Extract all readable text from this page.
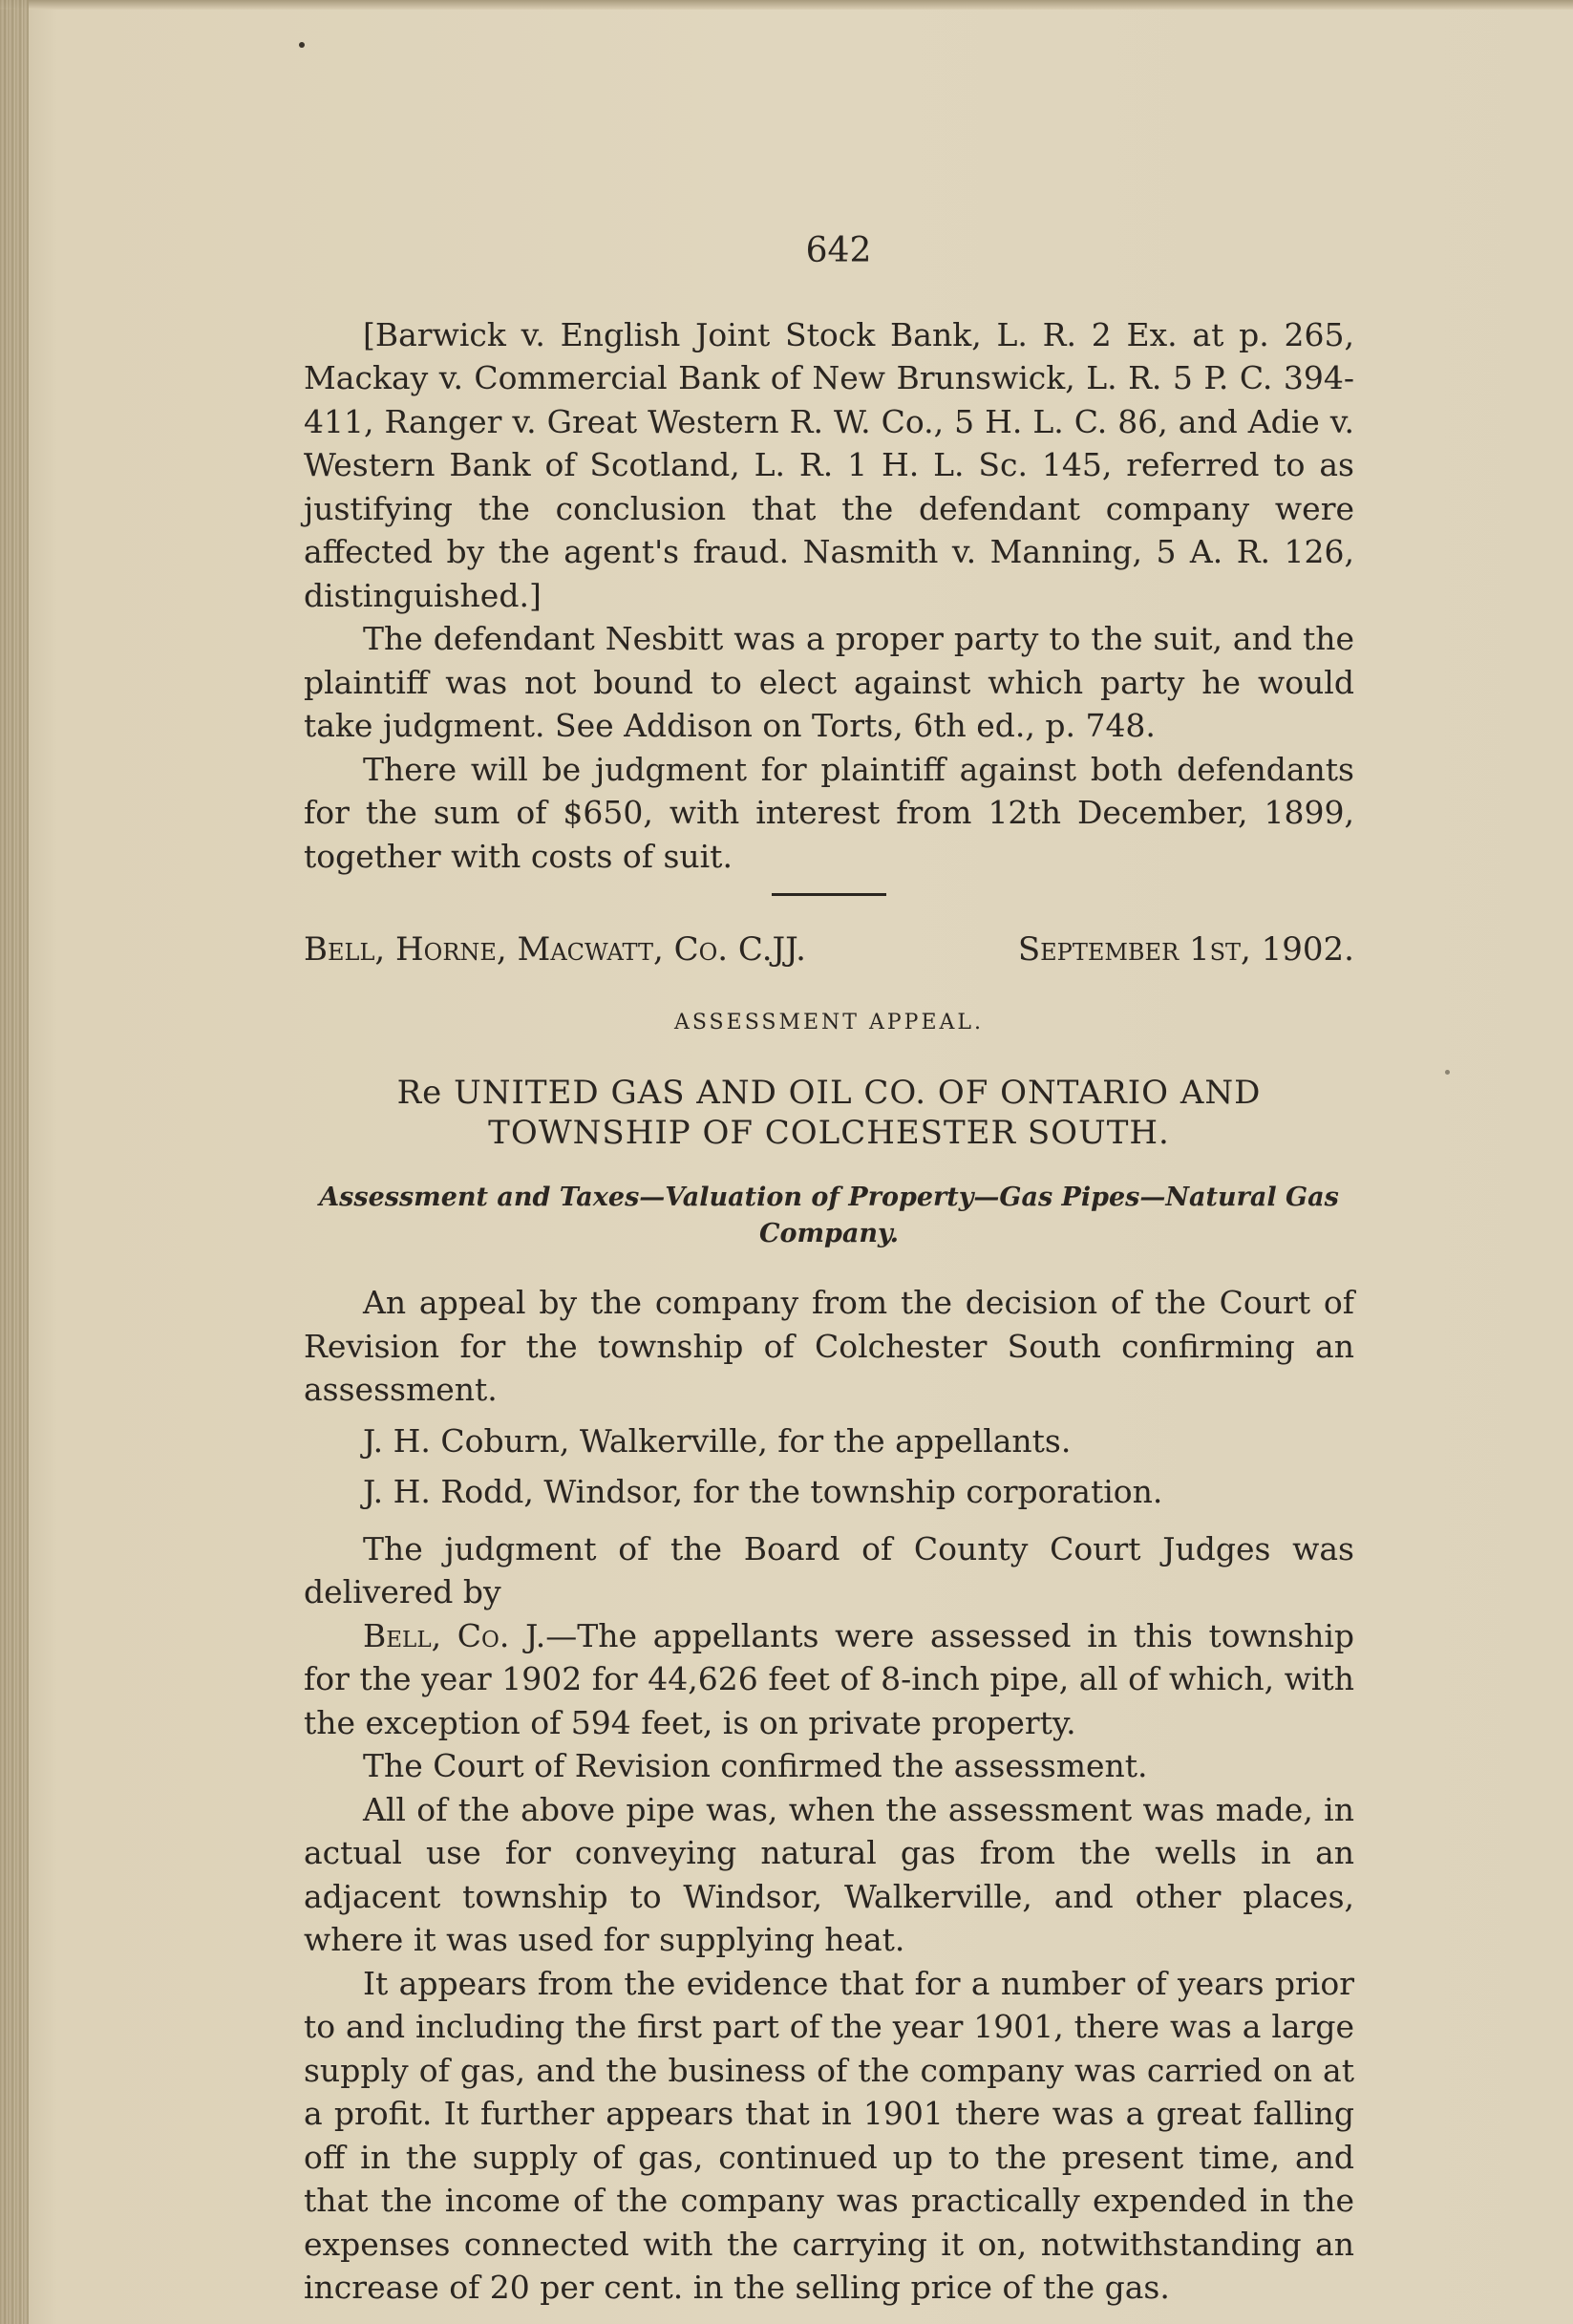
642

[Barwick v. English Joint Stock Bank, L. R. 2 Ex. at p. 265, Mackay v. Commercial Bank of New Brunswick, L. R. 5 P. C. 394-411, Ranger v. Great Western R. W. Co., 5 H. L. C. 86, and Adie v. Western Bank of Scotland, L. R. 1 H. L. Sc. 145, referred to as justifying the conclusion that the defendant company were affected by the agent's fraud. Nasmith v. Manning, 5 A. R. 126, distinguished.]

The defendant Nesbitt was a proper party to the suit, and the plaintiff was not bound to elect against which party he would take judgment. See Addison on Torts, 6th ed., p. 748.

There will be judgment for plaintiff against both defendants for the sum of $650, with interest from 12th December, 1899, together with costs of suit.

Bell, Horne, Macwatt, Co. C.JJ.	September 1st, 1902.
ASSESSMENT APPEAL.
Re UNITED GAS AND OIL CO. OF ONTARIO AND TOWNSHIP OF COLCHESTER SOUTH.
Assessment and Taxes—Valuation of Property—Gas Pipes—Natural Gas Company.

An appeal by the company from the decision of the Court of Revision for the township of Colchester South confirming an assessment.

J. H. Coburn, Walkerville, for the appellants.

J. H. Rodd, Windsor, for the township corporation.

The judgment of the Board of County Court Judges was delivered by

Bell, Co. J.—The appellants were assessed in this township for the year 1902 for 44,626 feet of 8-inch pipe, all of which, with the exception of 594 feet, is on private property.

The Court of Revision confirmed the assessment.

All of the above pipe was, when the assessment was made, in actual use for conveying natural gas from the wells in an adjacent township to Windsor, Walkerville, and other places, where it was used for supplying heat.

It appears from the evidence that for a number of years prior to and including the first part of the year 1901, there was a large supply of gas, and the business of the company was carried on at a profit. It further appears that in 1901 there was a great falling off in the supply of gas, continued up to the present time, and that the income of the company was practically expended in the expenses connected with the carrying it on, notwithstanding an increase of 20 per cent. in the selling price of the gas.
